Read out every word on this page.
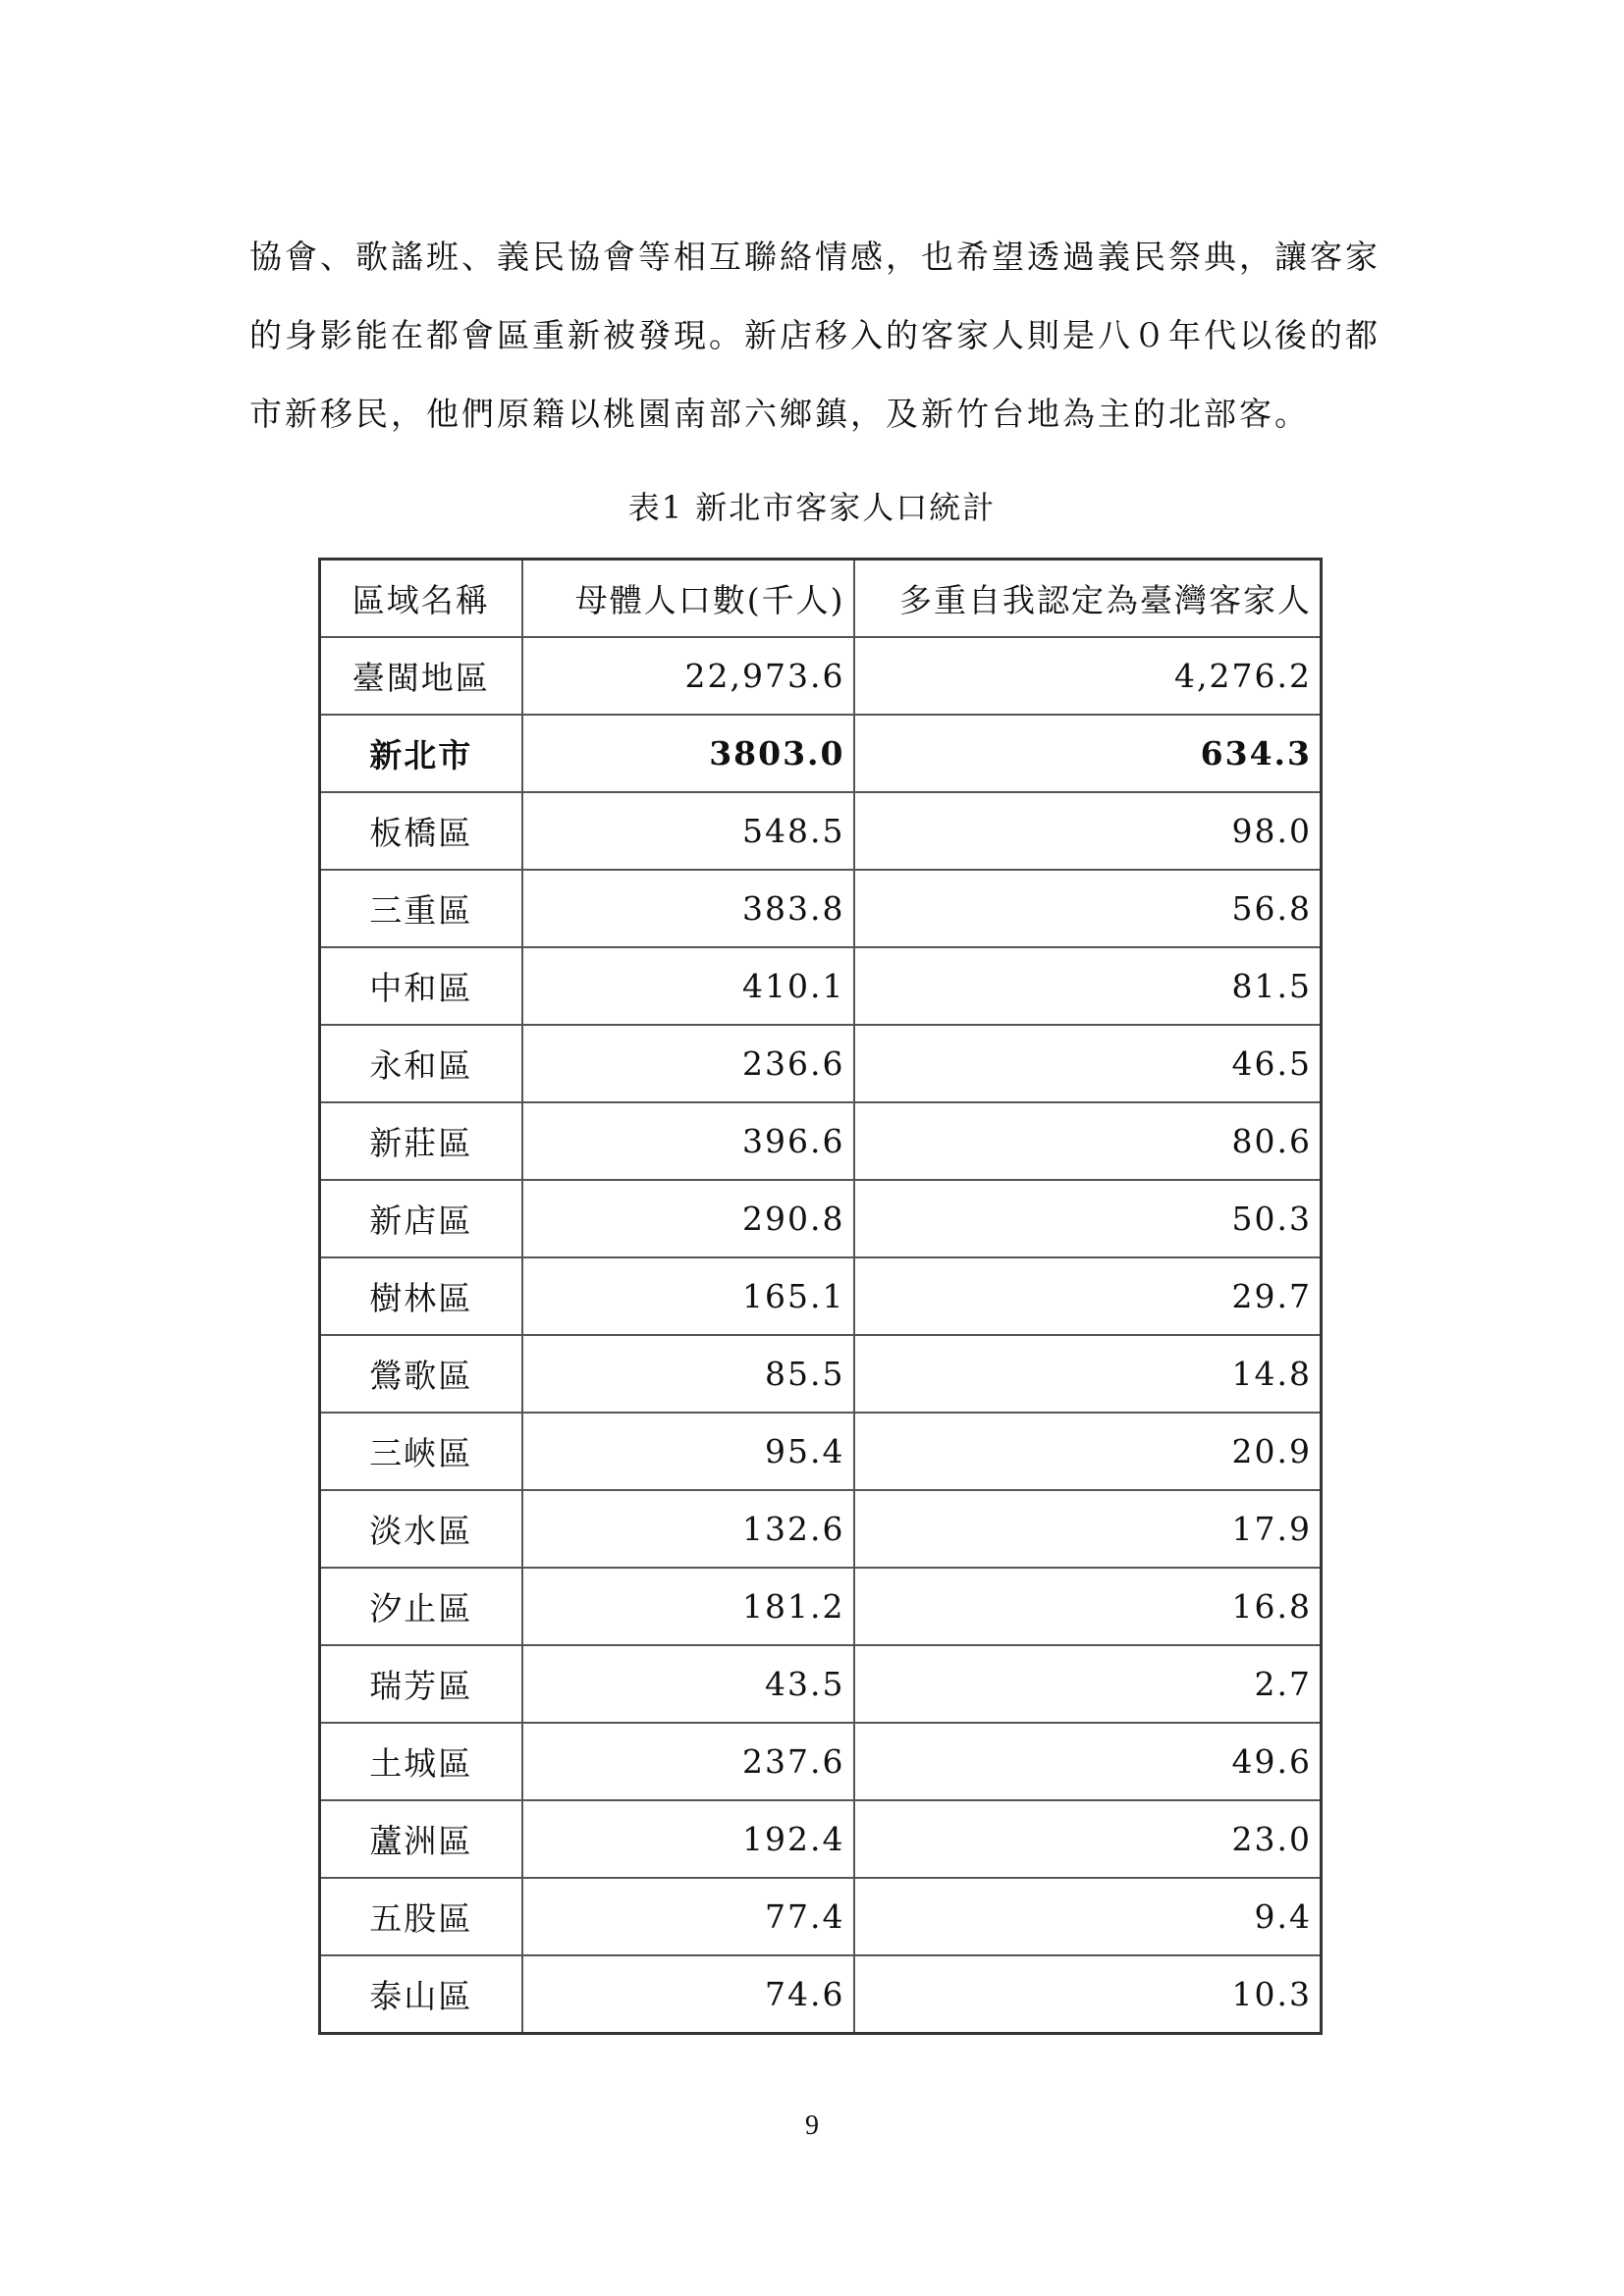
協會、歌謠班、義民協會等相互聯絡情感，也希望透過義民祭典，讓客家
的身影能在都會區重新被發現。新店移入的客家人則是八０年代以後的都
市新移民，他們原籍以桃園南部六鄉鎮，及新竹台地為主的北部客。
表1 新北市客家人口統計
區域名稱	母體人口數(千人)	多重自我認定為臺灣客家人
臺閩地區	22,973.6	4,276.2
新北市	3803.0	634.3
板橋區	548.5	98.0
三重區	383.8	56.8
中和區	410.1	81.5
永和區	236.6	46.5
新莊區	396.6	80.6
新店區	290.8	50.3
樹林區	165.1	29.7
鶯歌區	85.5	14.8
三峽區	95.4	20.9
淡水區	132.6	17.9
汐止區	181.2	16.8
瑞芳區	43.5	2.7
土城區	237.6	49.6
蘆洲區	192.4	23.0
五股區	77.4	9.4
泰山區	74.6	10.3
9
